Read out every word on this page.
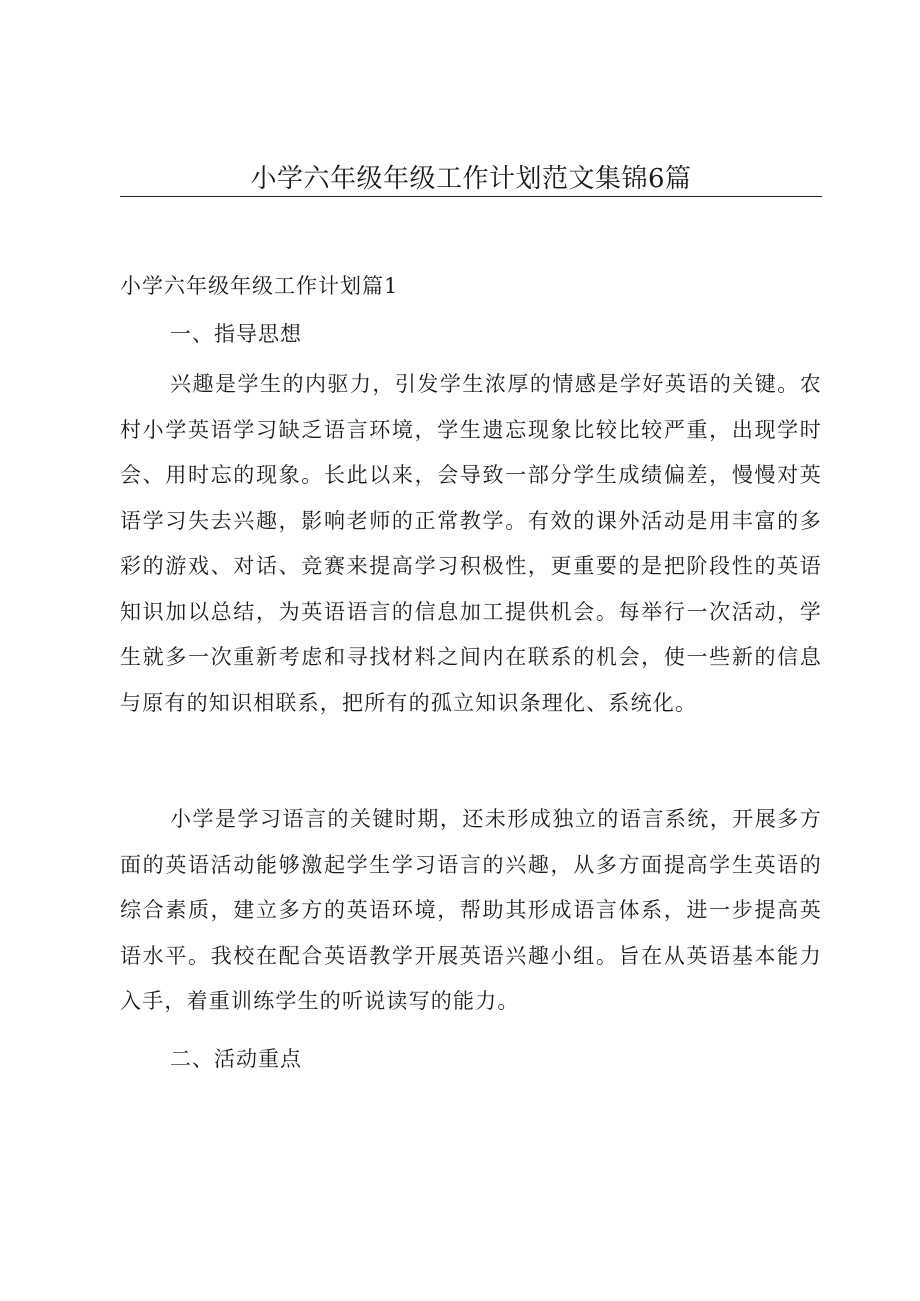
小学六年级年级工作计划范文集锦6篇
小学六年级年级工作计划篇1
一、指导思想

兴趣是学生的内驱力，引发学生浓厚的情感是学好英语的关键。农村小学英语学习缺乏语言环境，学生遗忘现象比较比较严重，出现学时会、用时忘的现象。长此以来，会导致一部分学生成绩偏差，慢慢对英语学习失去兴趣，影响老师的正常教学。有效的课外活动是用丰富的多彩的游戏、对话、竞赛来提高学习积极性，更重要的是把阶段性的英语知识加以总结，为英语语言的信息加工提供机会。每举行一次活动，学生就多一次重新考虑和寻找材料之间内在联系的机会，使一些新的信息与原有的知识相联系，把所有的孤立知识条理化、系统化。

小学是学习语言的关键时期，还未形成独立的语言系统，开展多方面的英语活动能够激起学生学习语言的兴趣，从多方面提高学生英语的综合素质，建立多方的英语环境，帮助其形成语言体系，进一步提高英语水平。我校在配合英语教学开展英语兴趣小组。旨在从英语基本能力入手，着重训练学生的听说读写的能力。

二、活动重点
